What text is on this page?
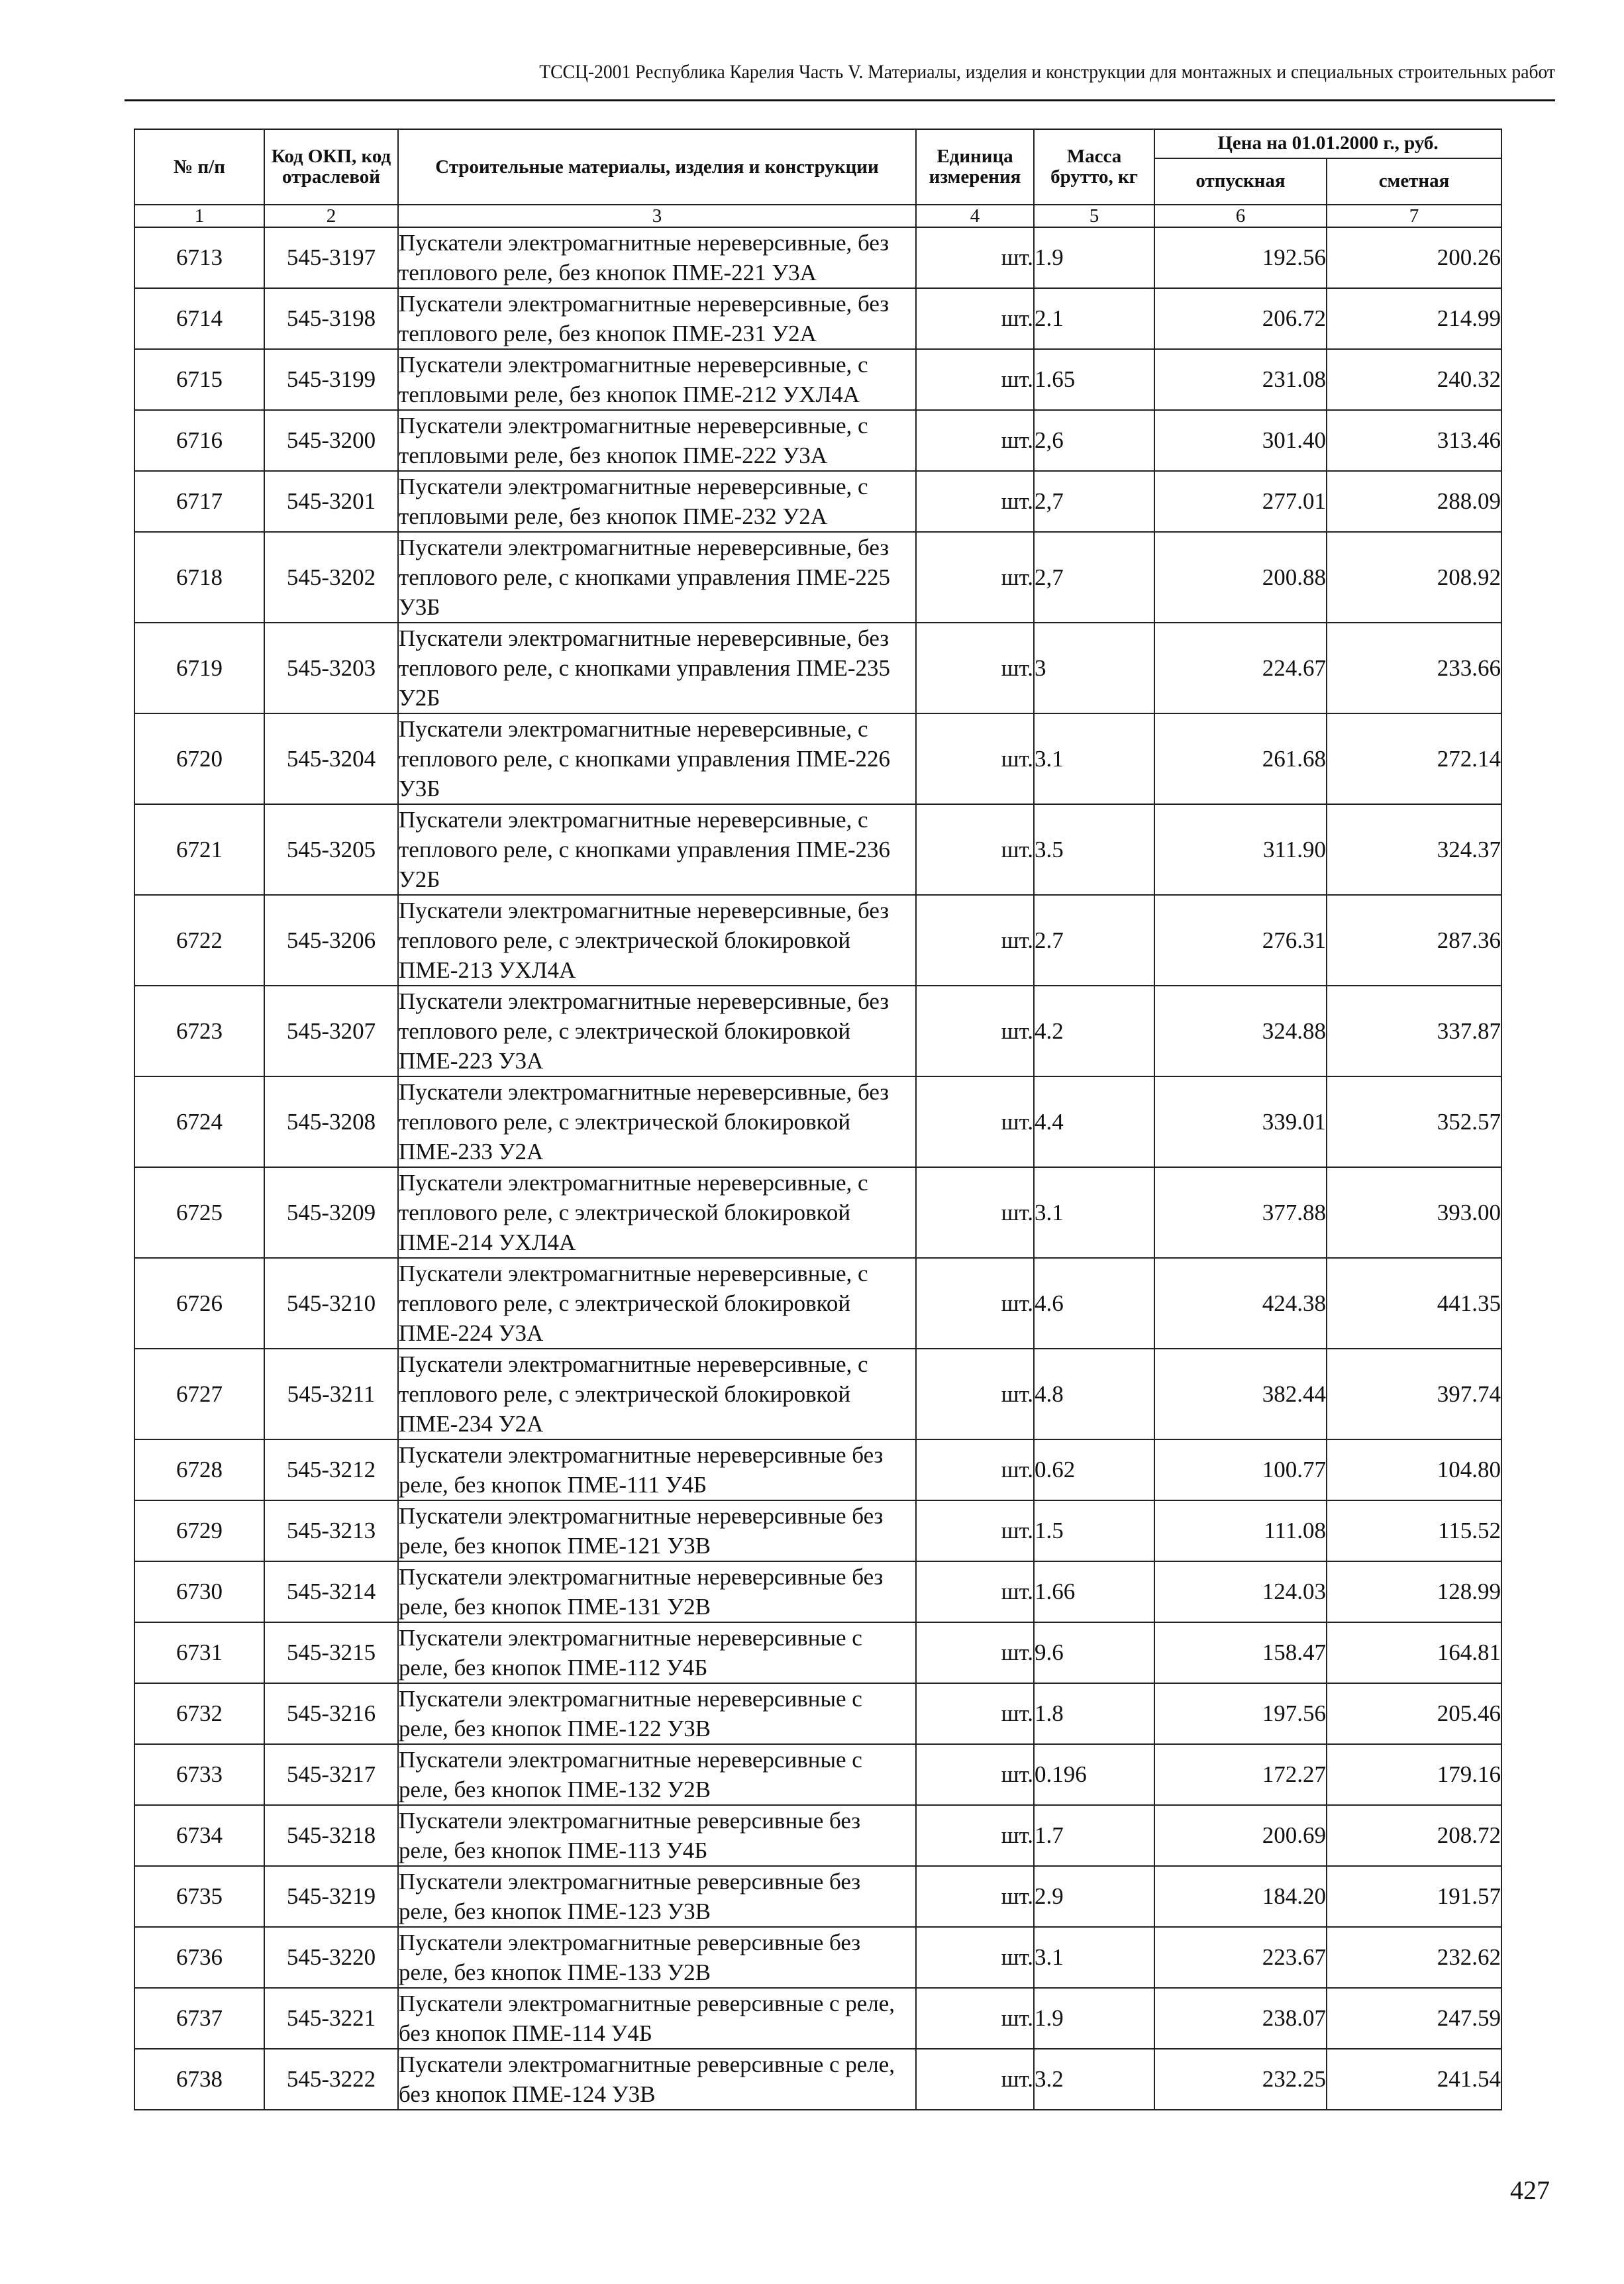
ТССЦ-2001 Республика Карелия Часть V. Материалы, изделия и конструкции для монтажных и специальных строительных работ
№ п/п	Код ОКП, код отраслевой	Строительные материалы, изделия и конструкции	Единица измерения	Масса брутто, кг	Цена на 01.01.2000 г., руб.	
					отпускная	сметная
1	2	3	4	5	6	7
6713	545-3197	Пускатели электромагнитные нереверсивные, без теплового реле, без кнопок ПМЕ-221 У3А	шт.	1.9	192.56	200.26
6714	545-3198	Пускатели электромагнитные нереверсивные, без теплового реле, без кнопок ПМЕ-231 У2А	шт.	2.1	206.72	214.99
6715	545-3199	Пускатели электромагнитные нереверсивные, с тепловыми реле, без кнопок ПМЕ-212 УХЛ4А	шт.	1.65	231.08	240.32
6716	545-3200	Пускатели электромагнитные нереверсивные, с тепловыми реле, без кнопок ПМЕ-222 У3А	шт.	2,6	301.40	313.46
6717	545-3201	Пускатели электромагнитные нереверсивные, с тепловыми реле, без кнопок ПМЕ-232 У2А	шт.	2,7	277.01	288.09
6718	545-3202	Пускатели электромагнитные нереверсивные, без теплового реле, с кнопками управления ПМЕ-225 У3Б	шт.	2,7	200.88	208.92
6719	545-3203	Пускатели электромагнитные нереверсивные, без теплового реле, с кнопками управления ПМЕ-235 У2Б	шт.	3	224.67	233.66
6720	545-3204	Пускатели электромагнитные нереверсивные, с теплового реле, с кнопками управления ПМЕ-226 У3Б	шт.	3.1	261.68	272.14
6721	545-3205	Пускатели электромагнитные нереверсивные, с теплового реле, с кнопками управления ПМЕ-236 У2Б	шт.	3.5	311.90	324.37
6722	545-3206	Пускатели электромагнитные нереверсивные, без теплового реле, с электрической блокировкой ПМЕ-213 УХЛ4А	шт.	2.7	276.31	287.36
6723	545-3207	Пускатели электромагнитные нереверсивные, без теплового реле, с электрической блокировкой ПМЕ-223 У3А	шт.	4.2	324.88	337.87
6724	545-3208	Пускатели электромагнитные нереверсивные, без теплового реле, с электрической блокировкой ПМЕ-233 У2А	шт.	4.4	339.01	352.57
6725	545-3209	Пускатели электромагнитные нереверсивные, с теплового реле, с электрической блокировкой ПМЕ-214 УХЛ4А	шт.	3.1	377.88	393.00
6726	545-3210	Пускатели электромагнитные нереверсивные, с теплового реле, с электрической блокировкой ПМЕ-224 У3А	шт.	4.6	424.38	441.35
6727	545-3211	Пускатели электромагнитные нереверсивные, с теплового реле, с электрической блокировкой ПМЕ-234 У2А	шт.	4.8	382.44	397.74
6728	545-3212	Пускатели электромагнитные нереверсивные без реле, без кнопок ПМЕ-111 У4Б	шт.	0.62	100.77	104.80
6729	545-3213	Пускатели электромагнитные нереверсивные без реле, без кнопок ПМЕ-121 У3В	шт.	1.5	111.08	115.52
6730	545-3214	Пускатели электромагнитные нереверсивные без реле, без кнопок ПМЕ-131 У2В	шт.	1.66	124.03	128.99
6731	545-3215	Пускатели электромагнитные нереверсивные с реле, без кнопок ПМЕ-112 У4Б	шт.	9.6	158.47	164.81
6732	545-3216	Пускатели электромагнитные нереверсивные с реле, без кнопок ПМЕ-122 У3В	шт.	1.8	197.56	205.46
6733	545-3217	Пускатели электромагнитные нереверсивные с реле, без кнопок ПМЕ-132 У2В	шт.	0.196	172.27	179.16
6734	545-3218	Пускатели электромагнитные реверсивные без реле, без кнопок ПМЕ-113 У4Б	шт.	1.7	200.69	208.72
6735	545-3219	Пускатели электромагнитные реверсивные без реле, без кнопок ПМЕ-123 У3В	шт.	2.9	184.20	191.57
6736	545-3220	Пускатели электромагнитные реверсивные без реле, без кнопок ПМЕ-133 У2В	шт.	3.1	223.67	232.62
6737	545-3221	Пускатели электромагнитные реверсивные с реле, без кнопок ПМЕ-114 У4Б	шт.	1.9	238.07	247.59
6738	545-3222	Пускатели электромагнитные реверсивные с реле, без кнопок ПМЕ-124 У3В	шт.	3.2	232.25	241.54
427
